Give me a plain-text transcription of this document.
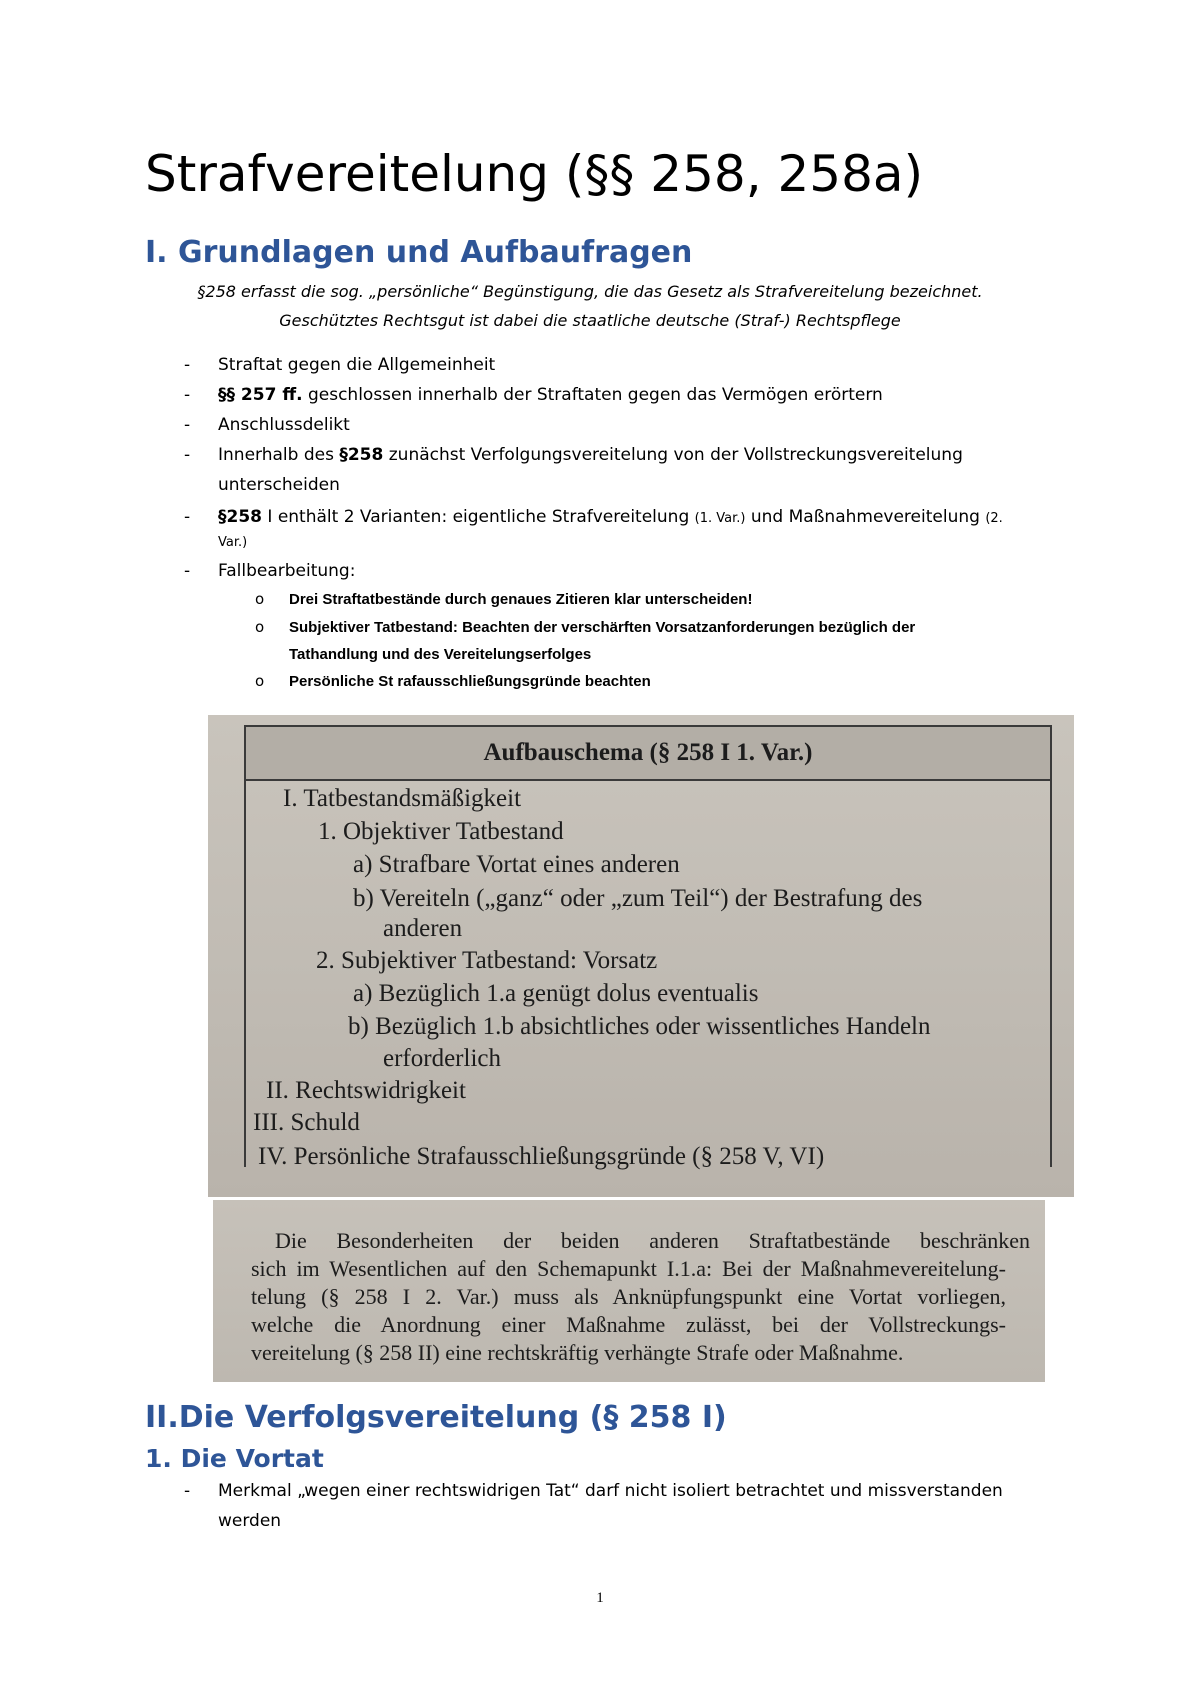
Strafvereitelung (§§ 258, 258a)
I. Grundlagen und Aufbaufragen
§258 erfasst die sog. „persönliche“ Begünstigung, die das Gesetz als Strafvereitelung bezeichnet.
Geschütztes Rechtsgut ist dabei die staatliche deutsche (Straf-) Rechtspflege
- Straftat gegen die Allgemeinheit
- §§ 257 ff. geschlossen innerhalb der Straftaten gegen das Vermögen erörtern
- Anschlussdelikt
- Innerhalb des §258 zunächst Verfolgungsvereitelung von der Vollstreckungsvereitelung
unterscheiden
- §258 I enthält 2 Varianten: eigentliche Strafvereitelung (1. Var.) und Maßnahmevereitelung (2.
Var.)
- Fallbearbeitung:
o Drei Straftatbestände durch genaues Zitieren klar unterscheiden!
o Subjektiver Tatbestand: Beachten der verschärften Vorsatzanforderungen bezüglich der
Tathandlung und des Vereitelungserfolges
o Persönliche St rafausschließungsgründe beachten
Aufbauschema (§ 258 I 1. Var.)
I. Tatbestandsmäßigkeit
1. Objektiver Tatbestand
a) Strafbare Vortat eines anderen
b) Vereiteln („ganz“ oder „zum Teil“) der Bestrafung des
anderen
2. Subjektiver Tatbestand: Vorsatz
a) Bezüglich 1.a genügt dolus eventualis
b) Bezüglich 1.b absichtliches oder wissentliches Handeln
erforderlich
II. Rechtswidrigkeit
III. Schuld
IV. Persönliche Strafausschließungsgründe (§ 258 V, VI)
Die Besonderheiten der beiden anderen Straftatbestände beschränken
sich im Wesentlichen auf den Schemapunkt I.1.a: Bei der Maßnahmevereitelung-
telung (§ 258 I 2. Var.) muss als Anknüpfungspunkt eine Vortat vorliegen,
welche die Anordnung einer Maßnahme zulässt, bei der Vollstreckungs-
vereitelung (§ 258 II) eine rechtskräftig verhängte Strafe oder Maßnahme.
II.Die Verfolgsvereitelung (§ 258 I)
1. Die Vortat
- Merkmal „wegen einer rechtswidrigen Tat“ darf nicht isoliert betrachtet und missverstanden
werden
1
